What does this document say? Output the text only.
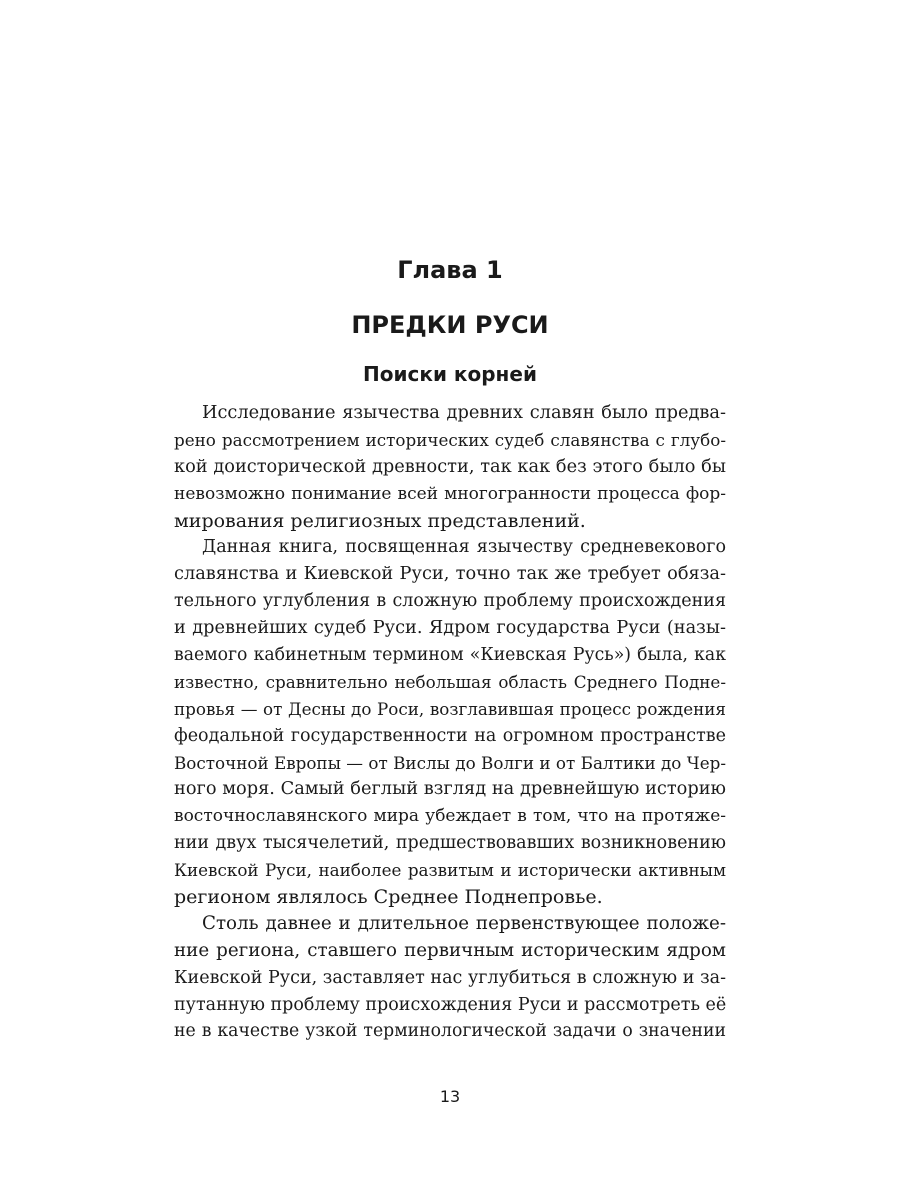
Глава 1
ПРЕДКИ РУСИ
Поиски корней
Исследование язычества древних славян было предва-
рено рассмотрением исторических судеб славянства с глубо-
кой доисторической древности, так как без этого было бы
невозможно понимание всей многогранности процесса фор-
мирования религиозных представлений.
Данная книга, посвященная язычеству средневекового
славянства и Киевской Руси, точно так же требует обяза-
тельного углубления в сложную проблему происхождения
и древнейших судеб Руси. Ядром государства Руси (назы-
ваемого кабинетным термином «Киевская Русь») была, как
известно, сравнительно небольшая область Среднего Подне-
провья — от Десны до Роси, возглавившая процесс рождения
феодальной государственности на огромном пространстве
Восточной Европы — от Вислы до Волги и от Балтики до Чер-
ного моря. Самый беглый взгляд на древнейшую историю
восточнославянского мира убеждает в том, что на протяже-
нии двух тысячелетий, предшествовавших возникновению
Киевской Руси, наиболее развитым и исторически активным
регионом являлось Среднее Поднепровье.
Столь давнее и длительное первенствующее положе-
ние региона, ставшего первичным историческим ядром
Киевской Руси, заставляет нас углубиться в сложную и за-
путанную проблему происхождения Руси и рассмотреть её
не в качестве узкой терминологической задачи о значении
13
